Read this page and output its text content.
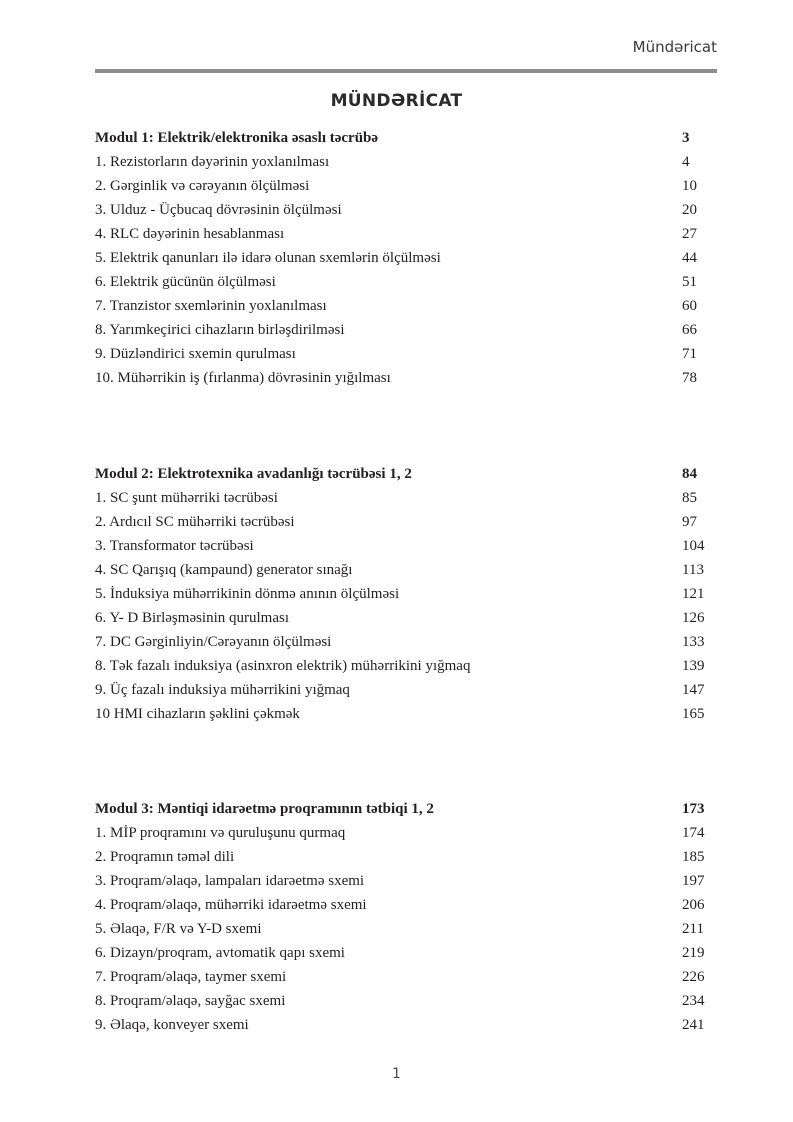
Mündəricat
MÜNDƏRİCAT
Modul 1: Elektrik/elektronika əsaslı təcrübə	3
1. Rezistorların dəyərinin yoxlanılması	4
2. Gərginlik və cərəyanın ölçülməsi	10
3. Ulduz - Üçbucaq dövrəsinin ölçülməsi	20
4. RLC dəyərinin hesablanması	27
5. Elektrik qanunları ilə idarə olunan sxemlərin ölçülməsi	44
6. Elektrik gücünün ölçülməsi	51
7. Tranzistor sxemlərinin yoxlanılması	60
8. Yarımkeçirici cihazların birləşdirilməsi	66
9. Düzləndirici sxemin qurulması	71
10. Mühərrikin iş (fırlanma) dövrəsinin yığılması	78
Modul 2: Elektrotexnika avadanlığı təcrübəsi 1, 2	84
1. SC şunt mühərriki təcrübəsi	85
2. Ardıcıl SC mühərriki təcrübəsi	97
3. Transformator təcrübəsi	104
4. SC Qarışıq (kampaund) generator sınağı	113
5. İnduksiya mühərrikinin dönmə anının ölçülməsi	121
6. Y- D Birləşməsinin qurulması	126
7. DC Gərginliyin/Cərəyanın ölçülməsi	133
8. Tək fazalı induksiya (asinxron elektrik) mühərrikini yığmaq	139
9. Üç fazalı induksiya mühərrikini yığmaq	147
10 HMI cihazların şəklini çəkmək	165
Modul 3: Məntiqi idarəetmə proqramının tətbiqi 1, 2	173
1. MİP proqramını və quruluşunu qurmaq	174
2. Proqramın təməl dili	185
3. Proqram/əlaqə, lampaları idarəetmə sxemi	197
4. Proqram/əlaqə, mühərriki idarəetmə sxemi	206
5. Əlaqə, F/R və Y-D sxemi	211
6. Dizayn/proqram, avtomatik qapı sxemi	219
7. Proqram/əlaqə, taymer sxemi	226
8. Proqram/əlaqə, sayğac sxemi	234
9. Əlaqə, konveyer sxemi	241
1
